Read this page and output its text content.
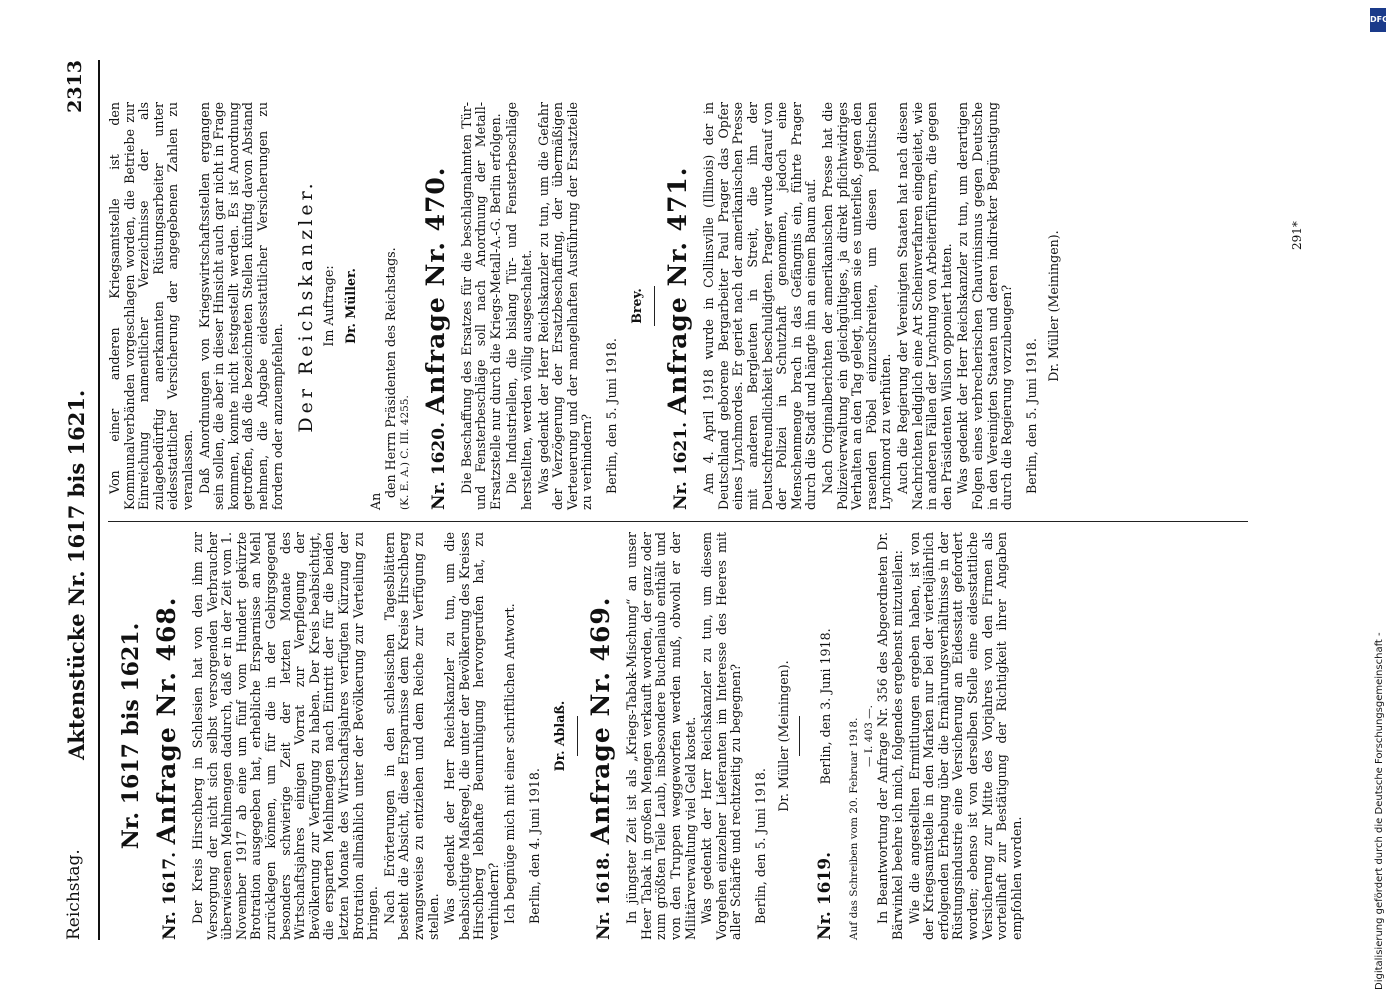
DFG
Digitalisierung gefördert durch die Deutsche Forschungsgemeinschaft -
Reichstag.
Aktenstücke Nr. 1617 bis 1621.
2313
Nr. 1617 bis 1621.
Nr. 1617. Anfrage Nr. 468. Der Kreis Hirschberg in Schlesien hat von den ihm zur Versorgung der nicht sich selbst versorgenden Verbraucher überwiesenen Mehlmengen dadurch, daß er in der Zeit vom 1. November 1917 ab eine um fünf vom Hundert gekürzte Brotration ausgegeben hat, erhebliche Ersparnisse an Mehl zurücklegen können, um für die in der Gebirgsgegend besonders schwierige Zeit der letzten Monate des Wirtschaftsjahres einigen Vorrat zur Verpflegung der Bevölkerung zur Verfügung zu haben. Der Kreis beabsichtigt, die ersparten Mehlmengen nach Eintritt der für die beiden letzten Monate des Wirtschaftsjahres verfügten Kürzung der Brotration allmählich unter der Bevölkerung zur Verteilung zu bringen. Nach Erörterungen in den schlesischen Tagesblättern besteht die Absicht, diese Ersparnisse dem Kreise Hirschberg zwangsweise zu entziehen und dem Reiche zur Verfügung zu stellen. Was gedenkt der Herr Reichskanzler zu tun, um die beabsichtigte Maßregel, die unter der Bevölkerung des Kreises Hirschberg lebhafte Beunruhigung hervorgerufen hat, zu verhindern? Ich begnüge mich mit einer schriftlichen Antwort. Berlin, den 4. Juni 1918.
Dr. Ablaß.
Nr. 1618. Anfrage Nr. 469. In jüngster Zeit ist als „Kriegs-Tabak-Mischung“ an unser Heer Tabak in großen Mengen verkauft worden, der ganz oder zum größten Teile Laub, insbesondere Buchenlaub enthält und von den Truppen weggeworfen werden muß, obwohl er der Militärverwaltung viel Geld kostet. Was gedenkt der Herr Reichskanzler zu tun, um diesem Vorgehen einzelner Lieferanten im Interesse des Heeres mit aller Schärfe und rechtzeitig zu begegnen? Berlin, den 5. Juni 1918.
Dr. Müller (Meiningen).
Nr. 1619. Berlin, den 3. Juni 1918.
Auf das Schreiben vom 20. Februar 1918. — I. 403 —. In Beantwortung der Anfrage Nr. 356 des Abgeordneten Dr. Bärwinkel beehre ich mich, folgendes ergebenst mitzuteilen: Wie die angestellten Ermittlungen ergeben haben, ist von der Kriegsamtstelle in den Marken nur bei der vierteljährlich erfolgenden Erhebung über die Ernährungsverhältnisse in der Rüstungsindustrie eine Versicherung an Eidesstatt gefordert worden; ebenso ist von derselben Stelle eine eidesstattliche Versicherung zur Mitte des Vorjahres von den Firmen als vorteilhaft zur Bestätigung der Richtigkeit ihrer Angaben empfohlen worden.

Von einer anderen Kriegsamtstelle ist den Kommunalverbänden vorgeschlagen worden, die Betriebe zur Einreichung namentlicher Verzeichnisse der als zulagebedürftig anerkannten Rüstungsarbeiter unter eidesstattlicher Versicherung der angegebenen Zahlen zu veranlassen. Daß Anordnungen von Kriegswirtschaftsstellen ergangen sein sollen, die aber in dieser Hinsicht auch gar nicht in Frage kommen, konnte nicht festgestellt werden. Es ist Anordnung getroffen, daß die bezeichneten Stellen künftig davon Abstand nehmen, die Abgabe eidesstattlicher Versicherungen zu fordern oder anzuempfehlen. Der Reichskanzler. Im Auftrage: Dr. Müller.
An
den Herrn Präsidenten des Reichstags. (K. E. A.) C. III. 4255.	Nr. 1620. Anfrage Nr. 470. Die Beschaffung des Ersatzes für die beschlagnahmten Tür- und Fensterbeschläge soll nach Anordnung der Metall-Ersatzstelle nur durch die Kriegs-Metall-A.-G. Berlin erfolgen. Die Industriellen, die bislang Tür- und Fensterbeschläge herstellten, werden völlig ausgeschaltet. Was gedenkt der Herr Reichskanzler zu tun, um die Gefahr der Verzögerung der Ersatzbeschaffung, der übermäßigen Verteuerung und der mangelhaften Ausführung der Ersatzteile zu verhindern? Berlin, den 5. Juni 1918.
Brey.
Nr. 1621. Anfrage Nr. 471. Am 4. April 1918 wurde in Collinsville (Illinois) der in Deutschland geborene Bergarbeiter Paul Prager das Opfer eines Lynchmordes. Er geriet nach der amerikanischen Presse mit anderen Bergleuten in Streit, die ihn der Deutschfreundlichkeit beschuldigten. Prager wurde darauf von der Polizei in Schutzhaft genommen, jedoch eine Menschenmenge brach in das Gefängnis ein, führte Prager durch die Stadt und hängte ihn an einem Baum auf. Nach Originalberichten der amerikanischen Presse hat die Polizeiverwaltung ein gleichgültiges, ja direkt pflichtwidriges Verhalten an den Tag gelegt, indem sie es unterließ, gegen den rasenden Pöbel einzuschreiten, um diesen politischen Lynchmord zu verhüten. Auch die Regierung der Vereinigten Staaten hat nach diesen Nachrichten lediglich eine Art Scheinverfahren eingeleitet, wie in anderen Fällen der Lynchung von Arbeiterführern, die gegen den Präsidenten Wilson opponiert hatten. Was gedenkt der Herr Reichskanzler zu tun, um derartigen Folgen eines verbrecherischen Chauvinismus gegen Deutsche in den Vereinigten Staaten und deren indirekter Begünstigung durch die Regierung vorzubeugen? Berlin, den 5. Juni 1918.
Dr. Müller (Meiningen).	291*
